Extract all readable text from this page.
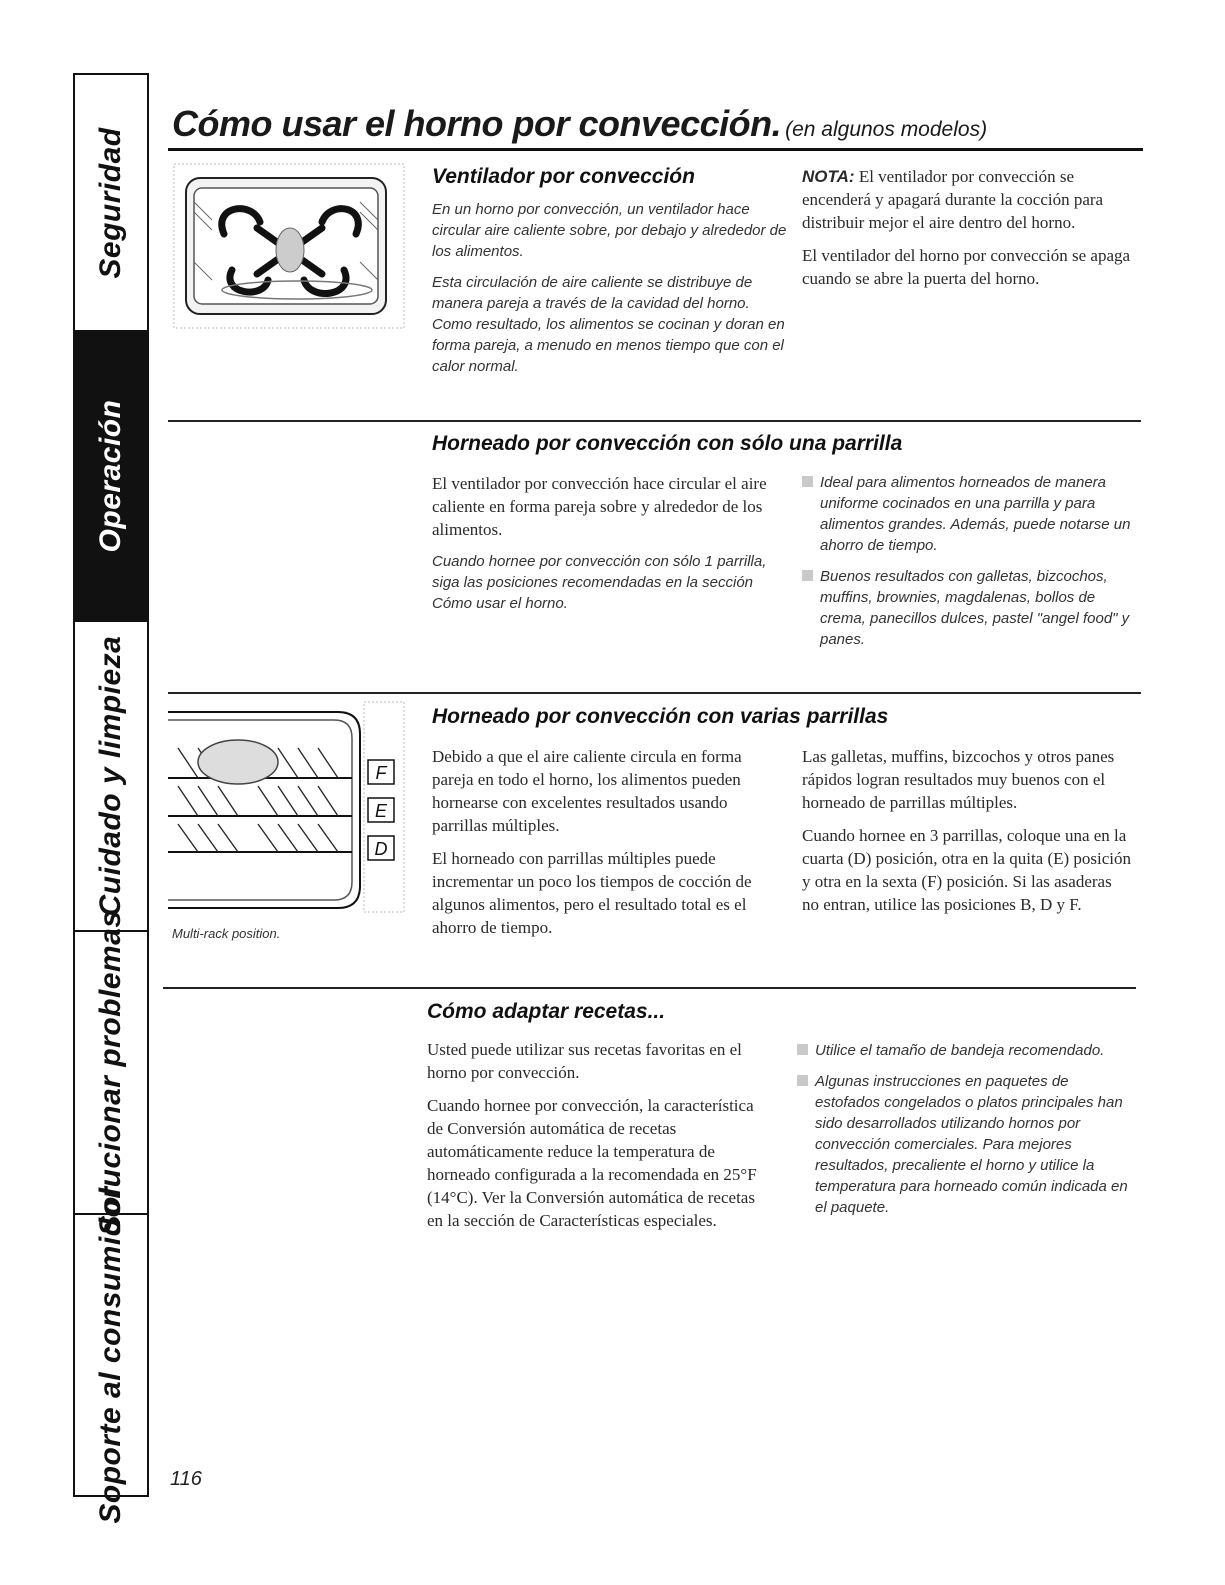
Seguridad
Operación
Cuidado y limpieza
Solucionar problemas
Soporte al consumidor
Cómo usar el horno por convección. (en algunos modelos)
Ventilador por convección

En un horno por convección, un ventilador hace circular aire caliente sobre, por debajo y alrededor de los alimentos.

Esta circulación de aire caliente se distribuye de manera pareja a través de la cavidad del horno. Como resultado, los alimentos se cocinan y doran en forma pareja, a menudo en menos tiempo que con el calor normal.

NOTA: El ventilador por convección se encenderá y apagará durante la cocción para distribuir mejor el aire dentro del horno.

El ventilador del horno por convección se apaga cuando se abre la puerta del horno.

Horneado por convección con sólo una parrilla

El ventilador por convección hace circular el aire caliente en forma pareja sobre y alrededor de los alimentos.

Cuando hornee por convección con sólo 1 parrilla, siga las posiciones recomendadas en la sección Cómo usar el horno.

Ideal para alimentos horneados de manera uniforme cocinados en una parrilla y para alimentos grandes. Además, puede notarse un ahorro de tiempo.
Buenos resultados con galletas, bizcochos, muffins, brownies, magdalenas, bollos de crema, panecillos dulces, pastel "angel food" y panes.
F
E
D
Multi-rack position.
Horneado por convección con varias parrillas

Debido a que el aire caliente circula en forma pareja en todo el horno, los alimentos pueden hornearse con excelentes resultados usando parrillas múltiples.

El horneado con parrillas múltiples puede incrementar un poco los tiempos de cocción de algunos alimentos, pero el resultado total es el ahorro de tiempo.

Las galletas, muffins, bizcochos y otros panes rápidos logran resultados muy buenos con el horneado de parrillas múltiples.

Cuando hornee en 3 parrillas, coloque una en la cuarta (D) posición, otra en la quita (E) posición y otra en la sexta (F) posición. Si las asaderas no entran, utilice las posiciones B, D y F.

Cómo adaptar recetas...

Usted puede utilizar sus recetas favoritas en el horno por convección.

Cuando hornee por convección, la característica de Conversión automática de recetas automáticamente reduce la temperatura de horneado configurada a la recomendada en 25°F (14°C). Ver la Conversión automática de recetas en la sección de Características especiales.

Utilice el tamaño de bandeja recomendado.
Algunas instrucciones en paquetes de estofados congelados o platos principales han sido desarrollados utilizando hornos por convección comerciales. Para mejores resultados, precaliente el horno y utilice la temperatura para horneado común indicada en el paquete.
116
